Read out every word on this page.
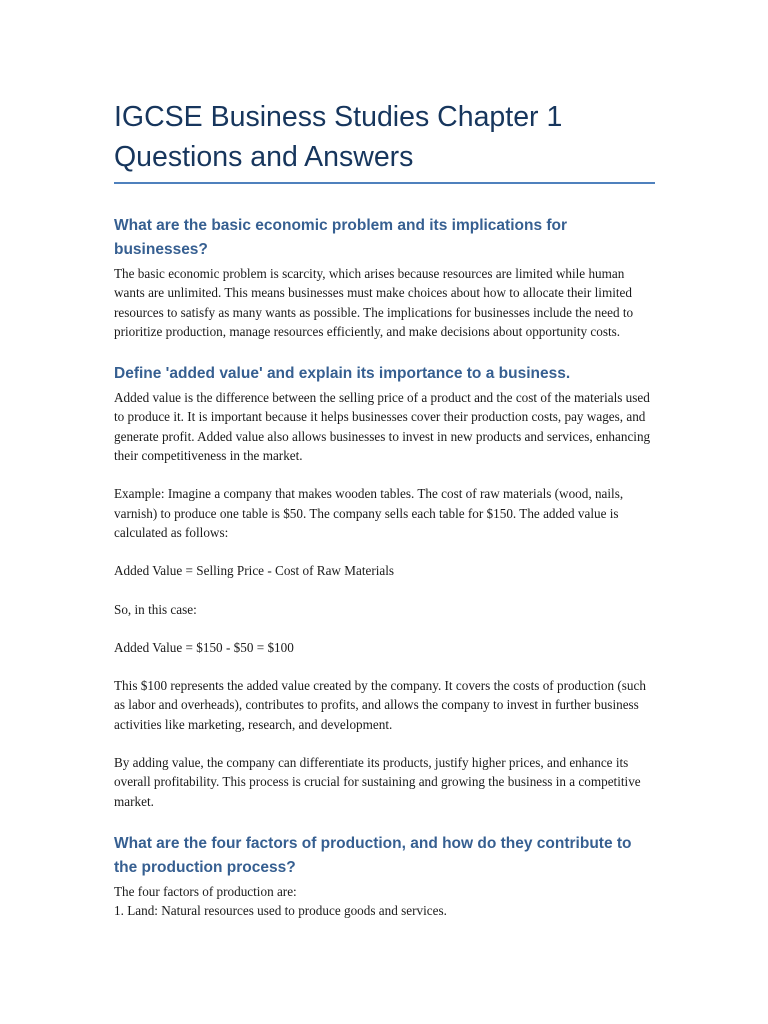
IGCSE Business Studies Chapter 1 Questions and Answers
What are the basic economic problem and its implications for businesses?

The basic economic problem is scarcity, which arises because resources are limited while human wants are unlimited. This means businesses must make choices about how to allocate their limited resources to satisfy as many wants as possible. The implications for businesses include the need to prioritize production, manage resources efficiently, and make decisions about opportunity costs.

Define 'added value' and explain its importance to a business.

Added value is the difference between the selling price of a product and the cost of the materials used to produce it. It is important because it helps businesses cover their production costs, pay wages, and generate profit. Added value also allows businesses to invest in new products and services, enhancing their competitiveness in the market.

Example: Imagine a company that makes wooden tables. The cost of raw materials (wood, nails, varnish) to produce one table is $50. The company sells each table for $150. The added value is calculated as follows:

Added Value = Selling Price - Cost of Raw Materials

So, in this case:

Added Value = $150 - $50 = $100

This $100 represents the added value created by the company. It covers the costs of production (such as labor and overheads), contributes to profits, and allows the company to invest in further business activities like marketing, research, and development.

By adding value, the company can differentiate its products, justify higher prices, and enhance its overall profitability. This process is crucial for sustaining and growing the business in a competitive market.

What are the four factors of production, and how do they contribute to the production process?

The four factors of production are:

1. Land: Natural resources used to produce goods and services.
